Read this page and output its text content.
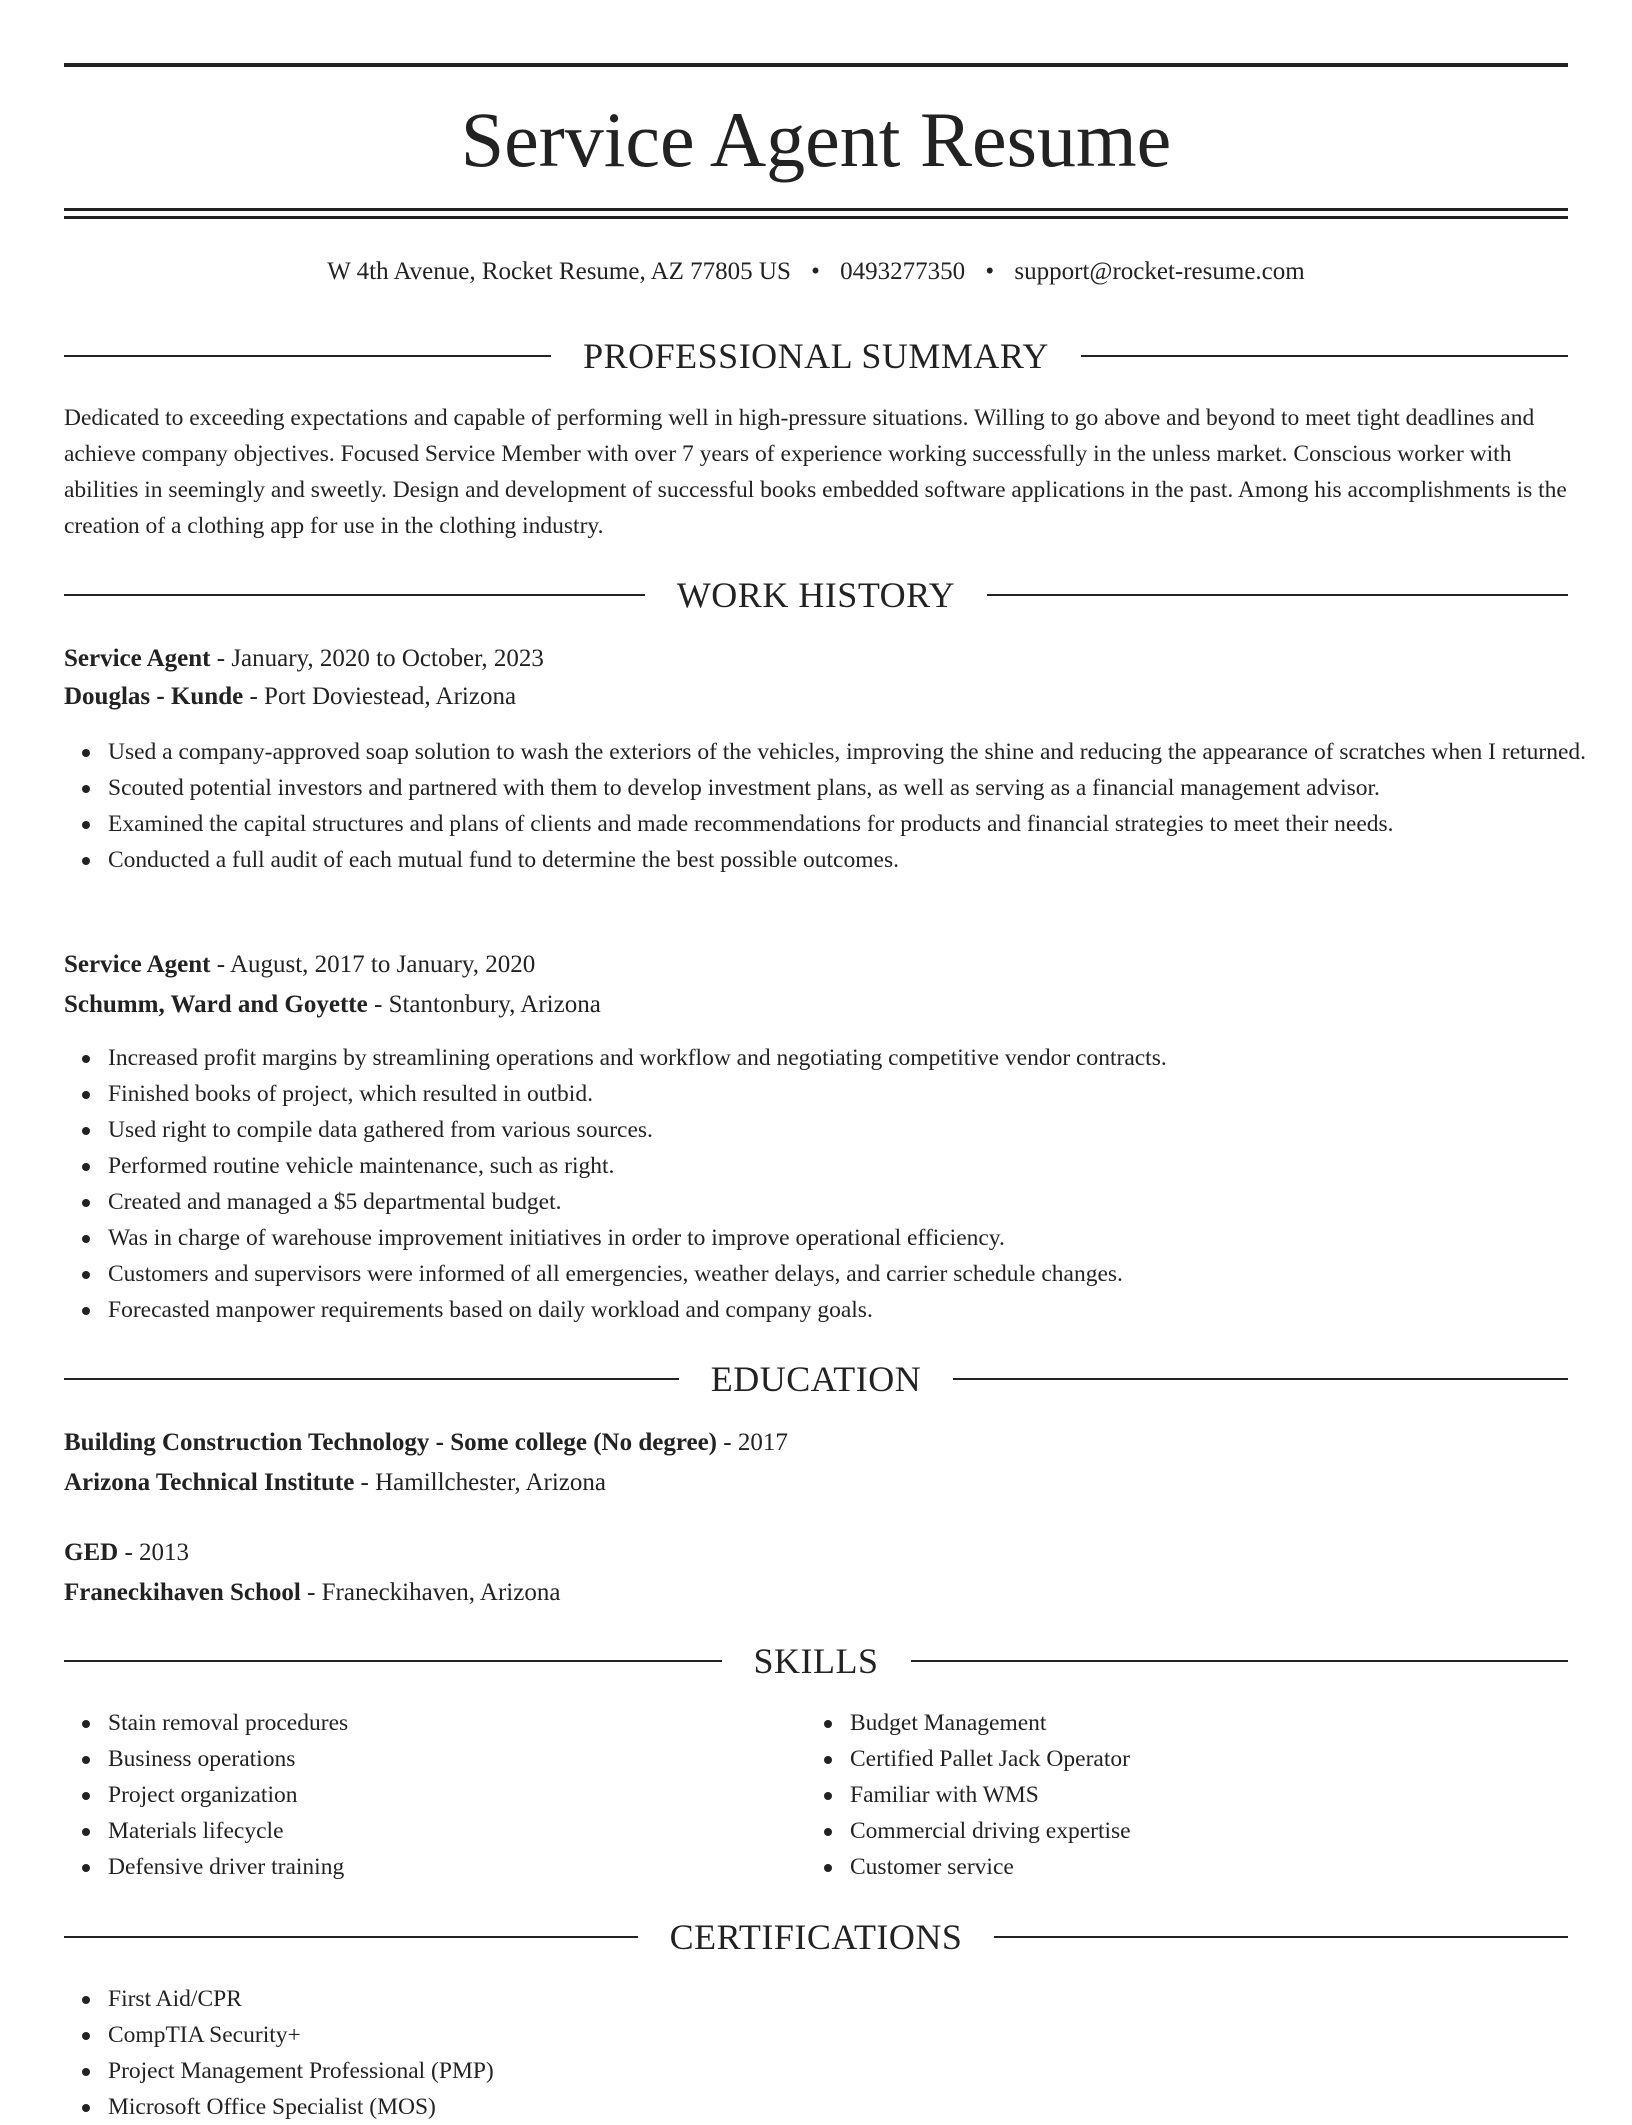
Service Agent Resume
W 4th Avenue, Rocket Resume, AZ 77805 US • 0493277350 • support@rocket-resume.com
PROFESSIONAL SUMMARY
Dedicated to exceeding expectations and capable of performing well in high-pressure situations. Willing to go above and beyond to meet tight deadlines and achieve company objectives. Focused Service Member with over 7 years of experience working successfully in the unless market. Conscious worker with abilities in seemingly and sweetly. Design and development of successful books embedded software applications in the past. Among his accomplishments is the creation of a clothing app for use in the clothing industry.
WORK HISTORY
Service Agent - January, 2020 to October, 2023
Douglas - Kunde - Port Doviestead, Arizona
Used a company-approved soap solution to wash the exteriors of the vehicles, improving the shine and reducing the appearance of scratches when I returned.
Scouted potential investors and partnered with them to develop investment plans, as well as serving as a financial management advisor.
Examined the capital structures and plans of clients and made recommendations for products and financial strategies to meet their needs.
Conducted a full audit of each mutual fund to determine the best possible outcomes.
Service Agent - August, 2017 to January, 2020
Schumm, Ward and Goyette - Stantonbury, Arizona
Increased profit margins by streamlining operations and workflow and negotiating competitive vendor contracts.
Finished books of project, which resulted in outbid.
Used right to compile data gathered from various sources.
Performed routine vehicle maintenance, such as right.
Created and managed a $5 departmental budget.
Was in charge of warehouse improvement initiatives in order to improve operational efficiency.
Customers and supervisors were informed of all emergencies, weather delays, and carrier schedule changes.
Forecasted manpower requirements based on daily workload and company goals.
EDUCATION
Building Construction Technology - Some college (No degree) - 2017
Arizona Technical Institute - Hamillchester, Arizona
GED - 2013
Franeckihaven School - Franeckihaven, Arizona
SKILLS
Stain removal procedures
Business operations
Project organization
Materials lifecycle
Defensive driver training
Budget Management
Certified Pallet Jack Operator
Familiar with WMS
Commercial driving expertise
Customer service
CERTIFICATIONS
First Aid/CPR
CompTIA Security+
Project Management Professional (PMP)
Microsoft Office Specialist (MOS)
